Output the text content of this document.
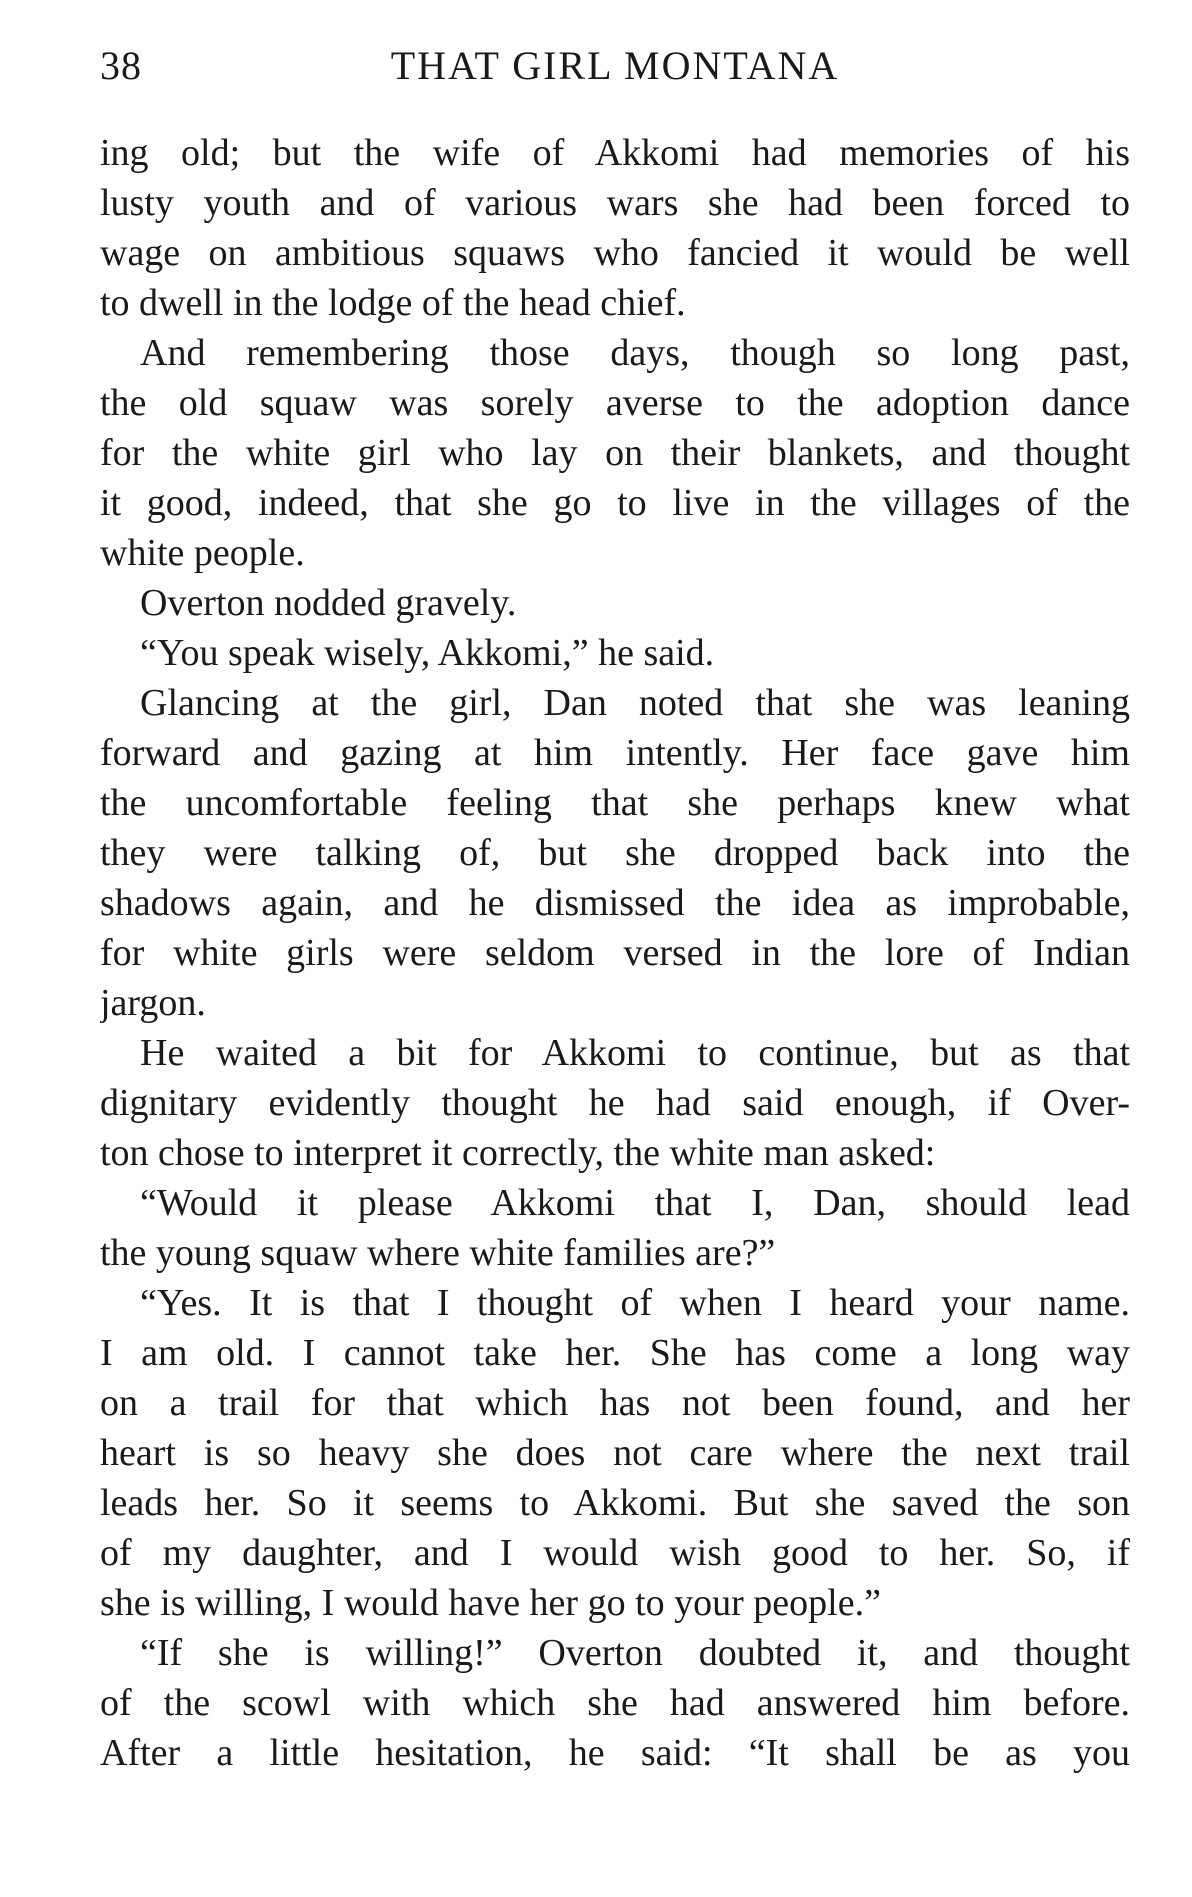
38	THAT GIRL MONTANA
ing old; but the wife of Akkomi had memories of his
lusty youth and of various wars she had been forced to
wage on ambitious squaws who fancied it would be well
to dwell in the lodge of the head chief.
And remembering those days, though so long past,
the old squaw was sorely averse to the adoption dance
for the white girl who lay on their blankets, and thought
it good, indeed, that she go to live in the villages of the
white people.
Overton nodded gravely.
“You speak wisely, Akkomi,” he said.
Glancing at the girl, Dan noted that she was leaning
forward and gazing at him intently. Her face gave him
the uncomfortable feeling that she perhaps knew what
they were talking of, but she dropped back into the
shadows again, and he dismissed the idea as improbable,
for white girls were seldom versed in the lore of Indian
jargon.
He waited a bit for Akkomi to continue, but as that
dignitary evidently thought he had said enough, if Over-
ton chose to interpret it correctly, the white man asked:
“Would it please Akkomi that I, Dan, should lead
the young squaw where white families are?”
“Yes. It is that I thought of when I heard your name.
I am old. I cannot take her. She has come a long way
on a trail for that which has not been found, and her
heart is so heavy she does not care where the next trail
leads her. So it seems to Akkomi. But she saved the son
of my daughter, and I would wish good to her. So, if
she is willing, I would have her go to your people.”
“If she is willing!” Overton doubted it, and thought
of the scowl with which she had answered him before.
After a little hesitation, he said: “It shall be as you
